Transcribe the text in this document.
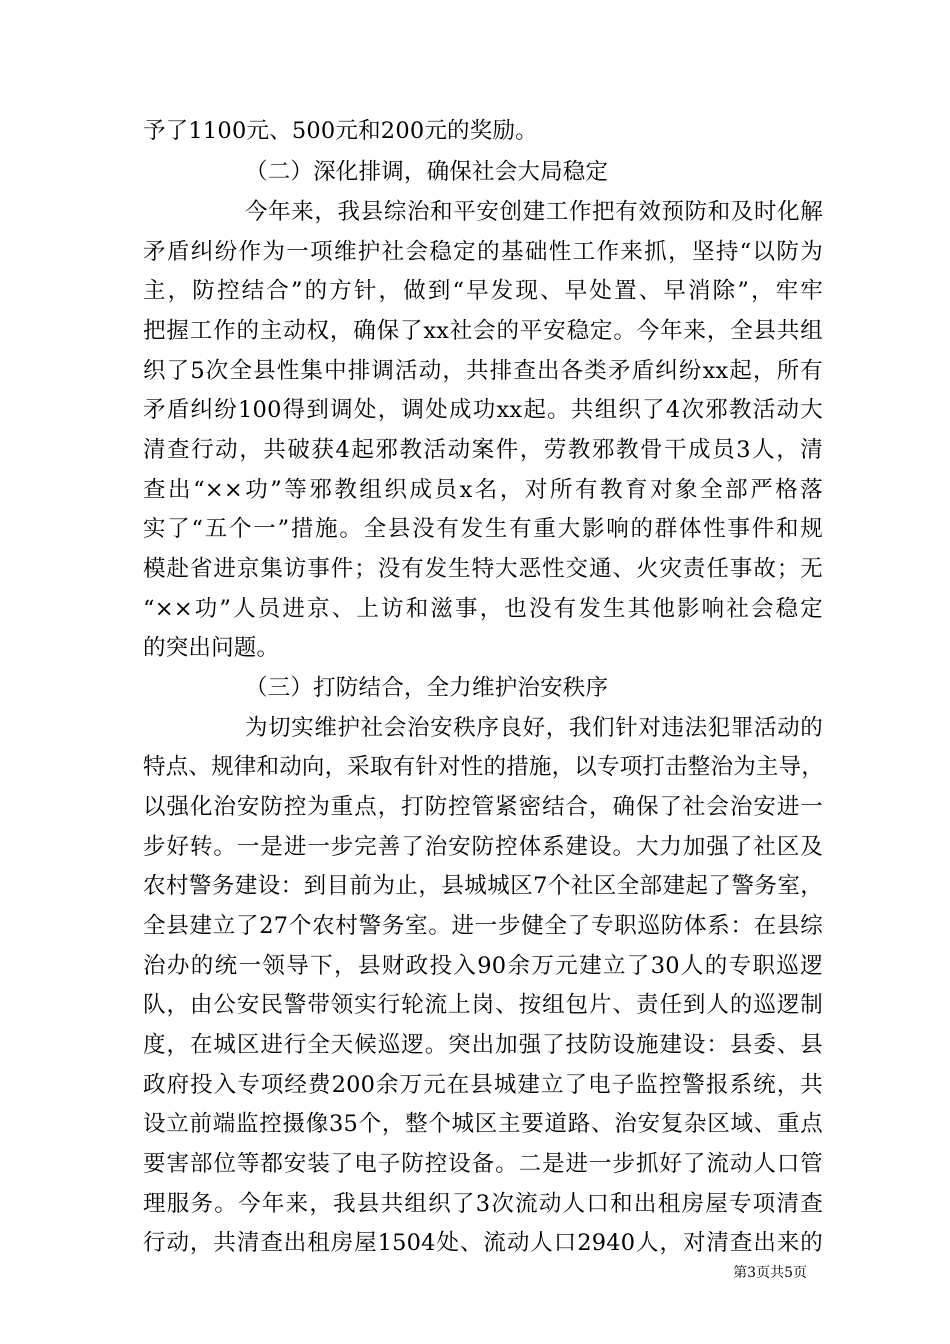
予了1100元、500元和200元的奖励。
（二）深化排调，确保社会大局稳定
今年来，我县综治和平安创建工作把有效预防和及时化解
矛盾纠纷作为一项维护社会稳定的基础性工作来抓，坚持“以防为
主，防控结合”的方针，做到“早发现、早处置、早消除”，牢牢
把握工作的主动权，确保了xx社会的平安稳定。今年来，全县共组
织了5次全县性集中排调活动，共排查出各类矛盾纠纷xx起，所有
矛盾纠纷100得到调处，调处成功xx起。共组织了4次邪教活动大
清查行动，共破获4起邪教活动案件，劳教邪教骨干成员3人，清
查出“××功”等邪教组织成员x名，对所有教育对象全部严格落
实了“五个一”措施。全县没有发生有重大影响的群体性事件和规
模赴省进京集访事件；没有发生特大恶性交通、火灾责任事故；无
“××功”人员进京、上访和滋事，也没有发生其他影响社会稳定
的突出问题。
（三）打防结合，全力维护治安秩序
为切实维护社会治安秩序良好，我们针对违法犯罪活动的
特点、规律和动向，采取有针对性的措施，以专项打击整治为主导，
以强化治安防控为重点，打防控管紧密结合，确保了社会治安进一
步好转。一是进一步完善了治安防控体系建设。大力加强了社区及
农村警务建设：到目前为止，县城城区7个社区全部建起了警务室，
全县建立了27个农村警务室。进一步健全了专职巡防体系：在县综
治办的统一领导下，县财政投入90余万元建立了30人的专职巡逻
队，由公安民警带领实行轮流上岗、按组包片、责任到人的巡逻制
度，在城区进行全天候巡逻。突出加强了技防设施建设：县委、县
政府投入专项经费200余万元在县城建立了电子监控警报系统，共
设立前端监控摄像35个，整个城区主要道路、治安复杂区域、重点
要害部位等都安装了电子防控设备。二是进一步抓好了流动人口管
理服务。今年来，我县共组织了3次流动人口和出租房屋专项清查
行动，共清查出租房屋1504处、流动人口2940人，对清查出来的
第3页共5页
